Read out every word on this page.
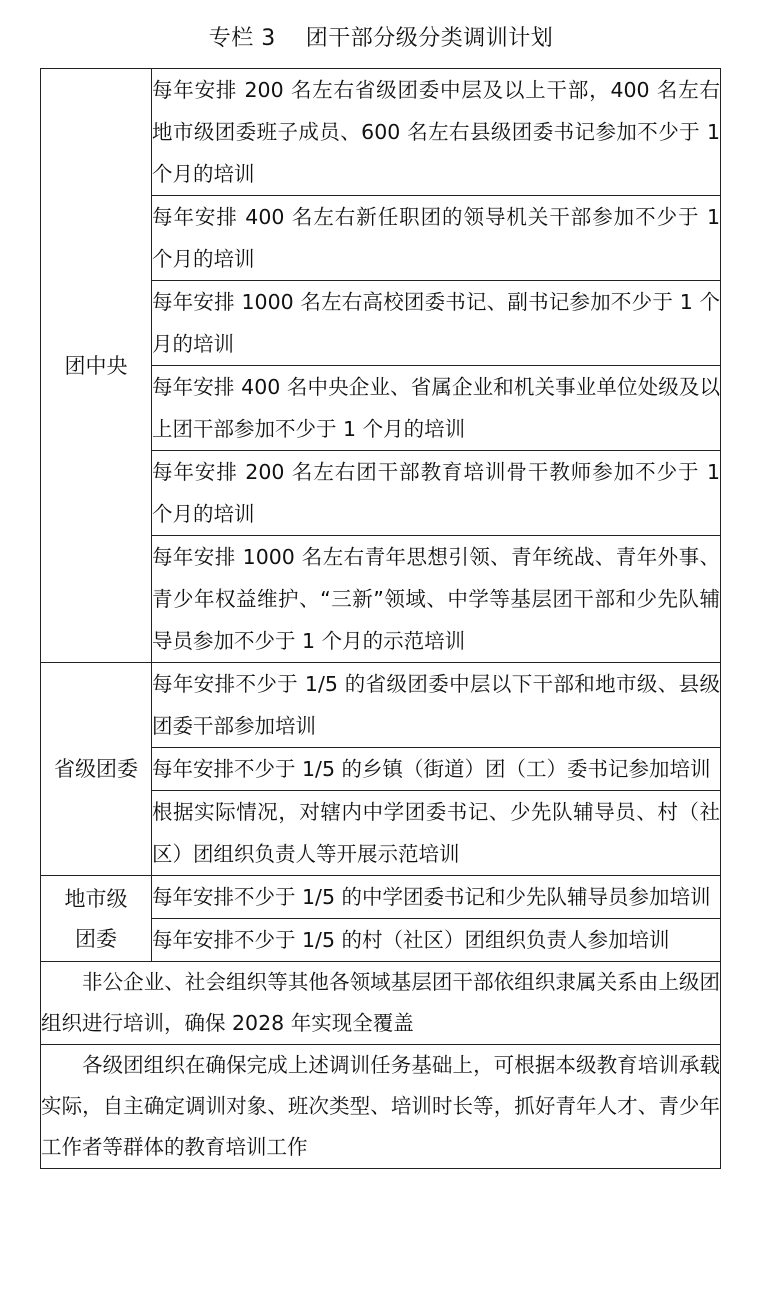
专栏 3 团干部分级分类调训计划
团中央	每年安排 200 名左右省级团委中层及以上干部，400 名左右地市级团委班子成员、600 名左右县级团委书记参加不少于 1 个月的培训
	每年安排 400 名左右新任职团的领导机关干部参加不少于 1 个月的培训
	每年安排 1000 名左右高校团委书记、副书记参加不少于 1 个月的培训
	每年安排 400 名中央企业、省属企业和机关事业单位处级及以上团干部参加不少于 1 个月的培训
	每年安排 200 名左右团干部教育培训骨干教师参加不少于 1 个月的培训
	每年安排 1000 名左右青年思想引领、青年统战、青年外事、青少年权益维护、“三新”领域、中学等基层团干部和少先队辅导员参加不少于 1 个月的示范培训

省级团委	每年安排不少于 1/5 的省级团委中层以下干部和地市级、县级团委干部参加培训
	每年安排不少于 1/5 的乡镇（街道）团（工）委书记参加培训
	根据实际情况，对辖内中学团委书记、少先队辅导员、村（社区）团组织负责人等开展示范培训

地市级
团委	每年安排不少于 1/5 的中学团委书记和少先队辅导员参加培训
	每年安排不少于 1/5 的村（社区）团组织负责人参加培训
非公企业、社会组织等其他各领域基层团干部依组织隶属关系由上级团组织进行培训，确保 2028 年实现全覆盖	
各级团组织在确保完成上述调训任务基础上，可根据本级教育培训承载实际，自主确定调训对象、班次类型、培训时长等，抓好青年人才、青少年工作者等群体的教育培训工作	
